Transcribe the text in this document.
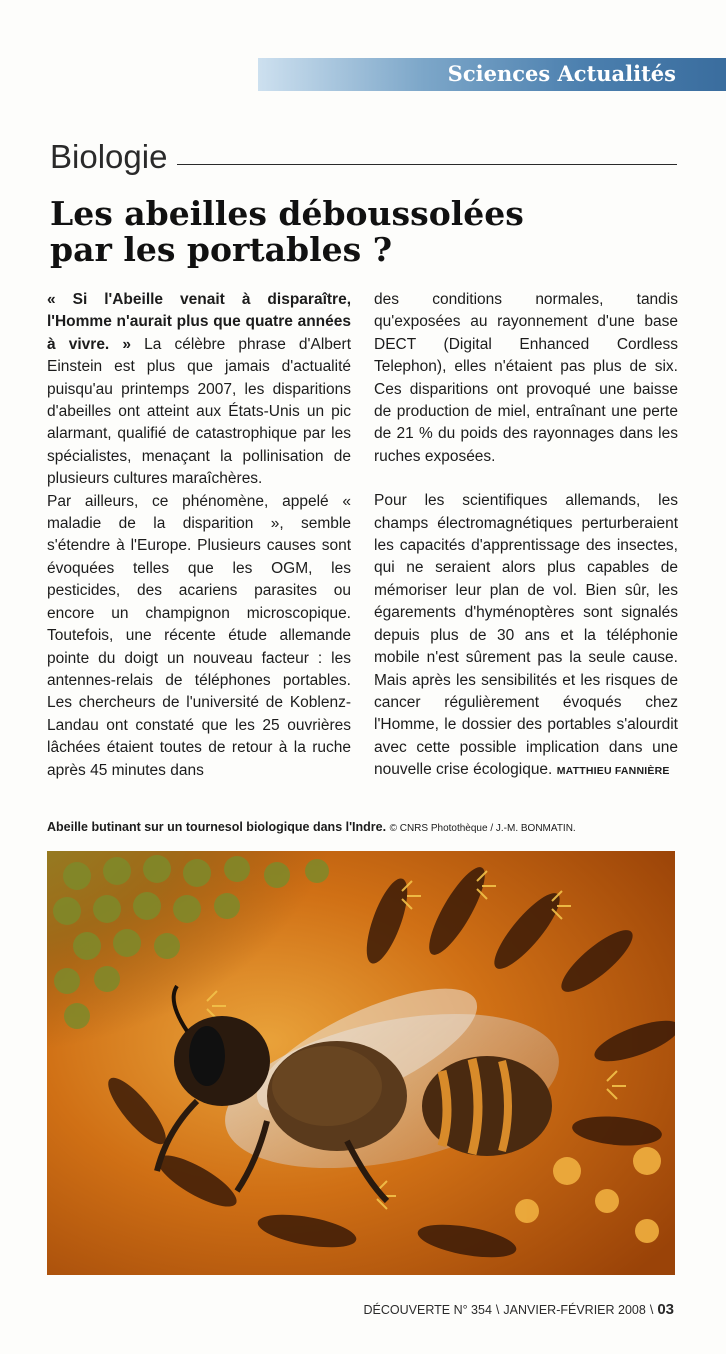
Sciences Actualités
Biologie
Les abeilles déboussolées
par les portables ?

« Si l'Abeille venait à disparaître, l'Homme n'aurait plus que quatre années à vivre. » La célèbre phrase d'Albert Einstein est plus que jamais d'actualité puisqu'au printemps 2007, les disparitions d'abeilles ont atteint aux États-Unis un pic alarmant, qualifié de catastrophique par les spécialistes, menaçant la pollinisation de plusieurs cultures maraîchères.

Par ailleurs, ce phénomène, appelé « maladie de la disparition », semble s'étendre à l'Europe. Plusieurs causes sont évoquées telles que les OGM, les pesticides, des acariens parasites ou encore un champignon microscopique. Toutefois, une récente étude allemande pointe du doigt un nouveau facteur : les antennes-relais de téléphones portables. Les chercheurs de l'université de Koblenz-Landau ont constaté que les 25 ouvrières lâchées étaient toutes de retour à la ruche après 45 minutes dans

des conditions normales, tandis qu'exposées au rayonnement d'une base DECT (Digital Enhanced Cordless Telephon), elles n'étaient pas plus de six. Ces disparitions ont provoqué une baisse de production de miel, entraînant une perte de 21 % du poids des rayonnages dans les ruches exposées.

Pour les scientifiques allemands, les champs électromagnétiques perturberaient les capacités d'apprentissage des insectes, qui ne seraient alors plus capables de mémoriser leur plan de vol. Bien sûr, les égarements d'hyménoptères sont signalés depuis plus de 30 ans et la téléphonie mobile n'est sûrement pas la seule cause. Mais après les sensibilités et les risques de cancer régulièrement évoqués chez l'Homme, le dossier des portables s'alourdit avec cette possible implication dans une nouvelle crise écologique. MATTHIEU FANNIÈRE

Abeille butinant sur un tournesol biologique dans l'Indre. © CNRS Photothèque / J.-M. BONMATIN.
DÉCOUVERTE N° 354 \ JANVIER-FÉVRIER 2008 \ 03
